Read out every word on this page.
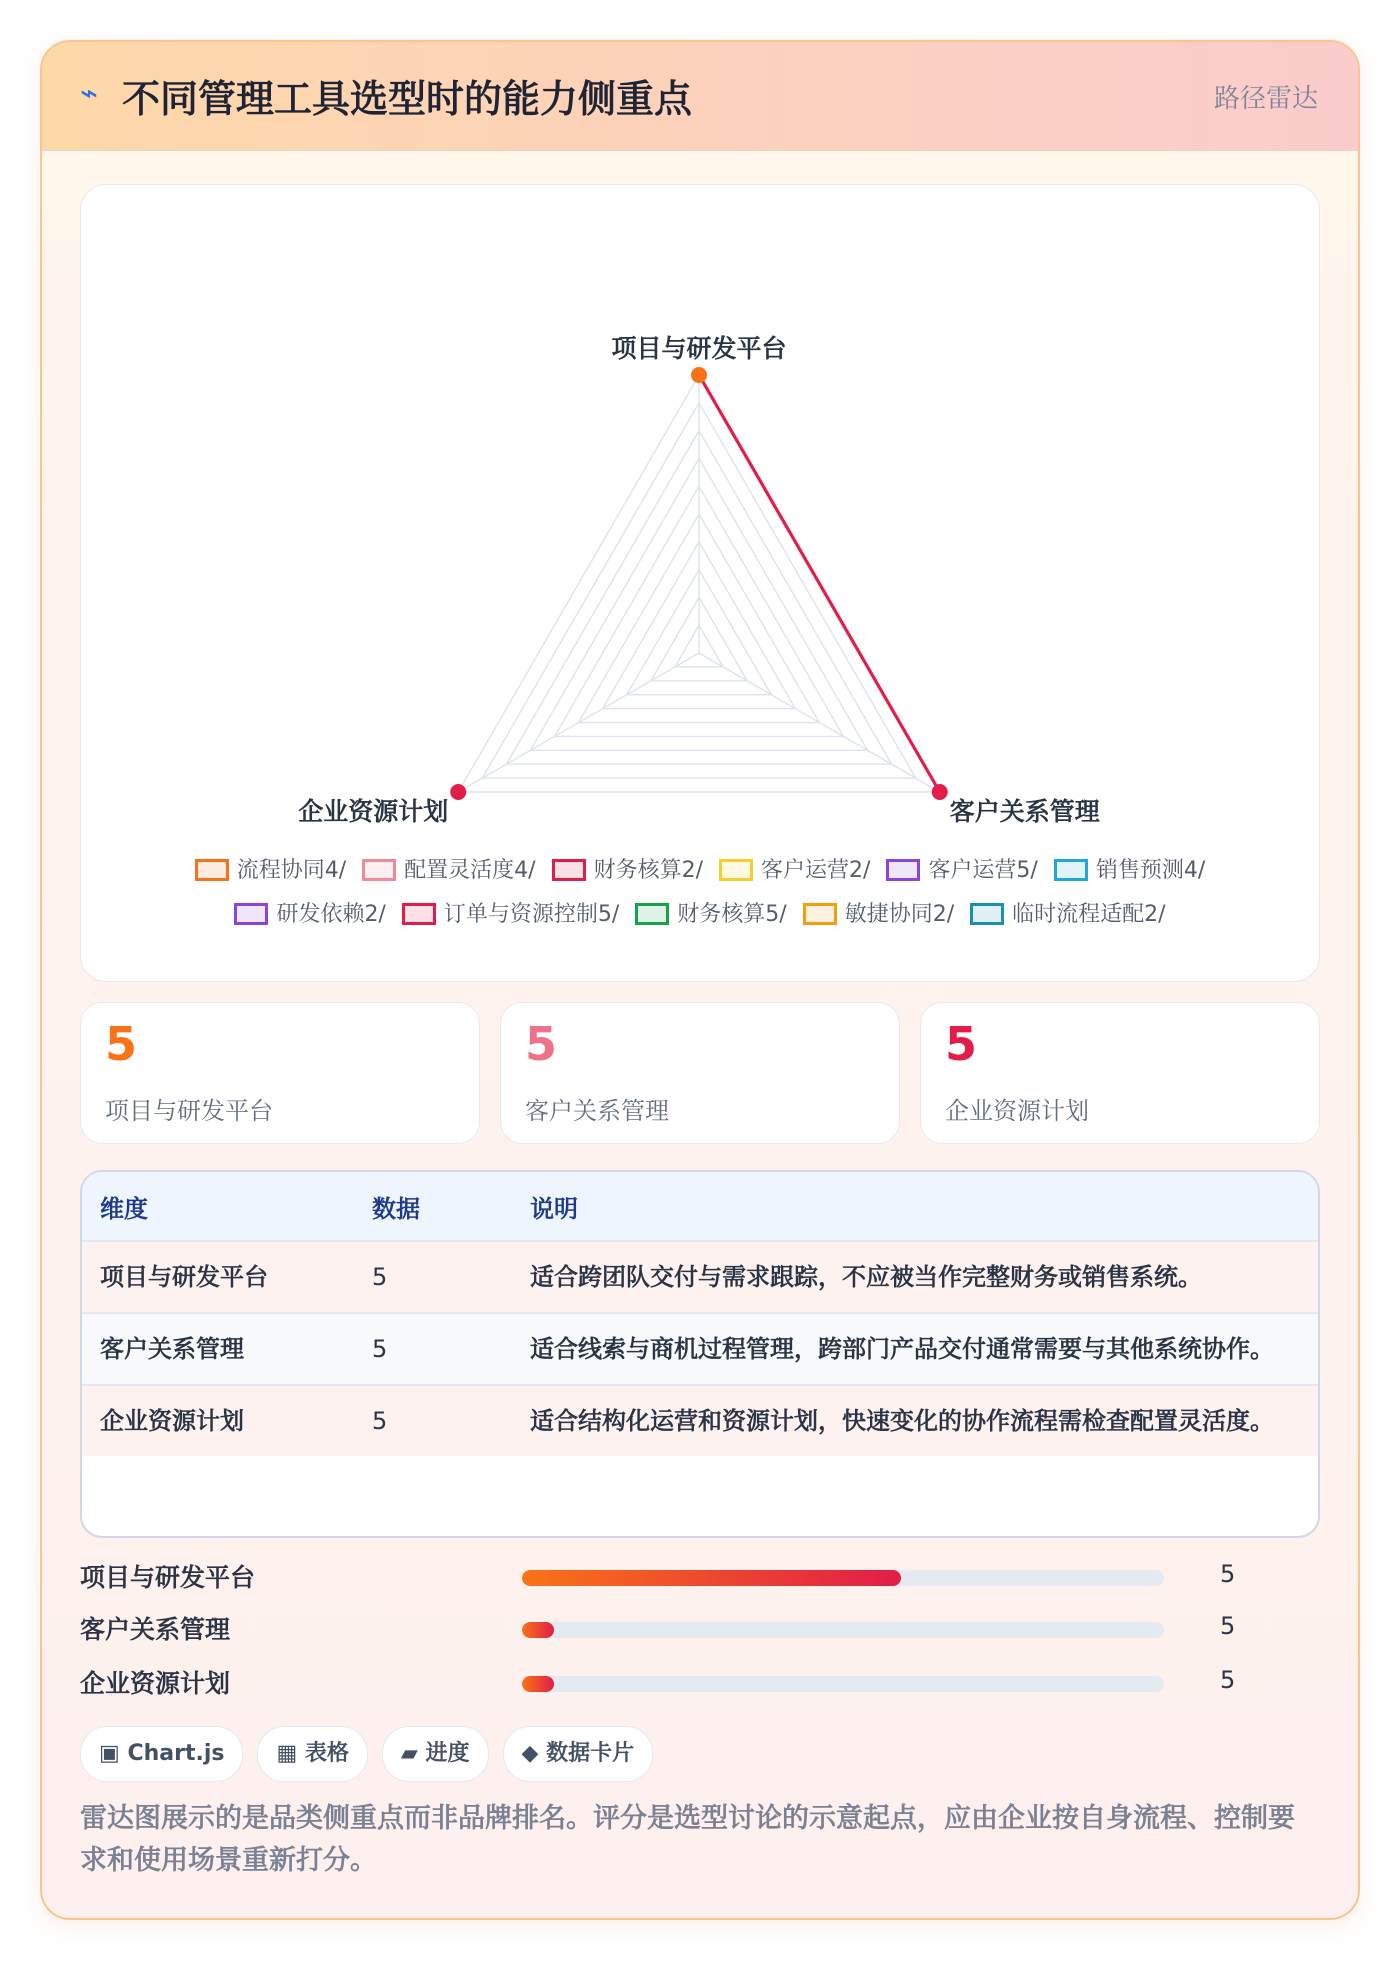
⌁ 不同管理工具选型时的能力侧重点	路径雷达
项目与研发平台
客户关系管理
企业资源计划
流程协同4/	配置灵活度4/	财务核算2/	客户运营2/	客户运营5/	销售预测4/研发依赖2/	订单与资源控制5/	财务核算5/	敏捷协同2/	临时流程适配2/
5
项目与研发平台
5
客户关系管理
5
企业资源计划
维度	数据	说明
项目与研发平台	5	适合跨团队交付与需求跟踪，不应被当作完整财务或销售系统。
客户关系管理	5	适合线索与商机过程管理，跨部门产品交付通常需要与其他系统协作。
企业资源计划	5	适合结构化运营和资源计划，快速变化的协作流程需检查配置灵活度。
项目与研发平台	5
客户关系管理	5
企业资源计划	5
▣ Chart.js ▦ 表格 ▰ 进度 ◆ 数据卡片
雷达图展示的是品类侧重点而非品牌排名。评分是选型讨论的示意起点，应由企业按自身流程、控制要求和使用场景重新打分。
